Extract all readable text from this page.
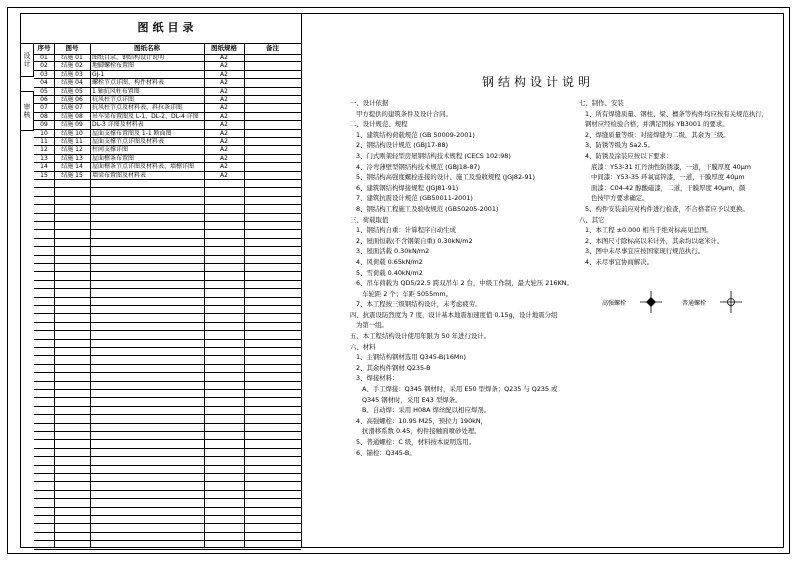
设计
审核
图纸目录
序号	图号	图纸名称	图纸规格	备注
01	结施 01	图纸目录、钢结构设计说明	A2
02	结施 02	地脚螺栓布置图	A2
03	结施 03	GJ-1	A2
04	结施 04	螺栓节点详图、构件材料表	A2
05	结施 05	1 轴抗风柱布置图	A2
06	结施 06	抗风柱节点详图	A2
07	结施 07	抗风柱节点及材料表、斜拉条详图	A2
08	结施 08	吊车梁布置图及 L-1、DL-2、DL-4 详图	A2
09	结施 09	DL-3 详图及材料表	A2
10	结施 10	屋面支撑布置图及 1-1 断面图	A2
11	结施 11	屋面支撑节点详图及材料表	A2
12	结施 12	柱间支撑详图	A2
13	结施 13	屋面檩条布置图	A2
14	结施 14	屋面檩条节点详图及材料表、墙檩详图	A2
15	结施 15	墙梁布置图及材料表	A2
钢结构设计说明
一、设计依据
甲方提供的建筑条件及设计合同。
二、设计规范、规程
1、建筑结构荷载规范 (GB 50009-2001)
2、钢结构设计规范 (GBJ17-88)
3、门式刚架轻型房屋钢结构技术规程 (CECS 102:98)
4、冷弯薄壁型钢结构技术规范 (GBJ18-87)
5、钢结构高强度螺栓连接的设计、施工及验收规程 (JGJ82-91)
6、建筑钢结构焊接规程 (JGJ81-91)
7、建筑抗震设计规范 (GB50011-2001)
8、钢结构工程施工及验收规范 (GB50205-2001)
三、荷载取值
1、钢结构自重：计算程序自动生成
2、屋面恒载(不含钢架自重) 0.30kN/m2
3、屋面活载 0.30kN/m2
4、风荷载 0.65kN/m2
5、雪荷载 0.40kN/m2
6、吊车荷载为 QD5/22.5 跨双吊车 2 台，中级工作制，最大轮压 216KN。
车轮距 2 个；车距 5055mm。
7、本工程按三级钢结构设计，未考虑疲劳。
四、抗震设防烈度为 7 度，设计基本地震加速度值 0.15g，设计地震分组
为第一组。
五、本工程结构设计使用年限为 50 年进行设计。
六、材料
1、主钢结构钢材选用 Q345-B(16Mn)
2、其余构件钢材 Q235-B
3、焊接材料：
A、手工焊接：Q345 钢材时，采用 E50 型焊条；Q235 与 Q235 或
Q345 钢材时，采用 E43 型焊条。
B、自动焊：采用 H08A 焊丝配以相应焊剂。
4、高强螺栓：10.9S M25，预拉力 190kN，
抗滑移系数 0.45，构件接触面喷砂处理。
5、普通螺栓：C 级，材料按本说明选用。
6、锚栓：Q345-B。
七、制作、安装
1、所有焊缝质量、钢柱、梁、檩条等构件均应按有关规范执行，
钢材应经检验合格，并满足国标 YB3001 的要求。
2、焊缝质量等级：对接焊缝为二级，其余为三级。
3、防锈等级为 Sa2.5。
4、防锈及涂装应按以下要求：
底漆：Y53-31 红丹油性防锈漆，一道，干膜厚度 40μm
中间漆：Y53-35 环氧富锌漆，一道，干膜厚度 40μm
面漆：C04-42 醇酸磁漆，二道，干膜厚度 40μm，颜
色按甲方要求确定。
5、构件安装前应对构件进行检查，不合格者应予以更换。
八、其它
1、本工程 ±0.000 相当于绝对标高见总图。
2、本图尺寸除标高以米计外，其余均以毫米计。
3、图中未尽事宜应按国家现行规范执行。
4、未尽事宜协商解决。
高强螺栓	普通螺栓
